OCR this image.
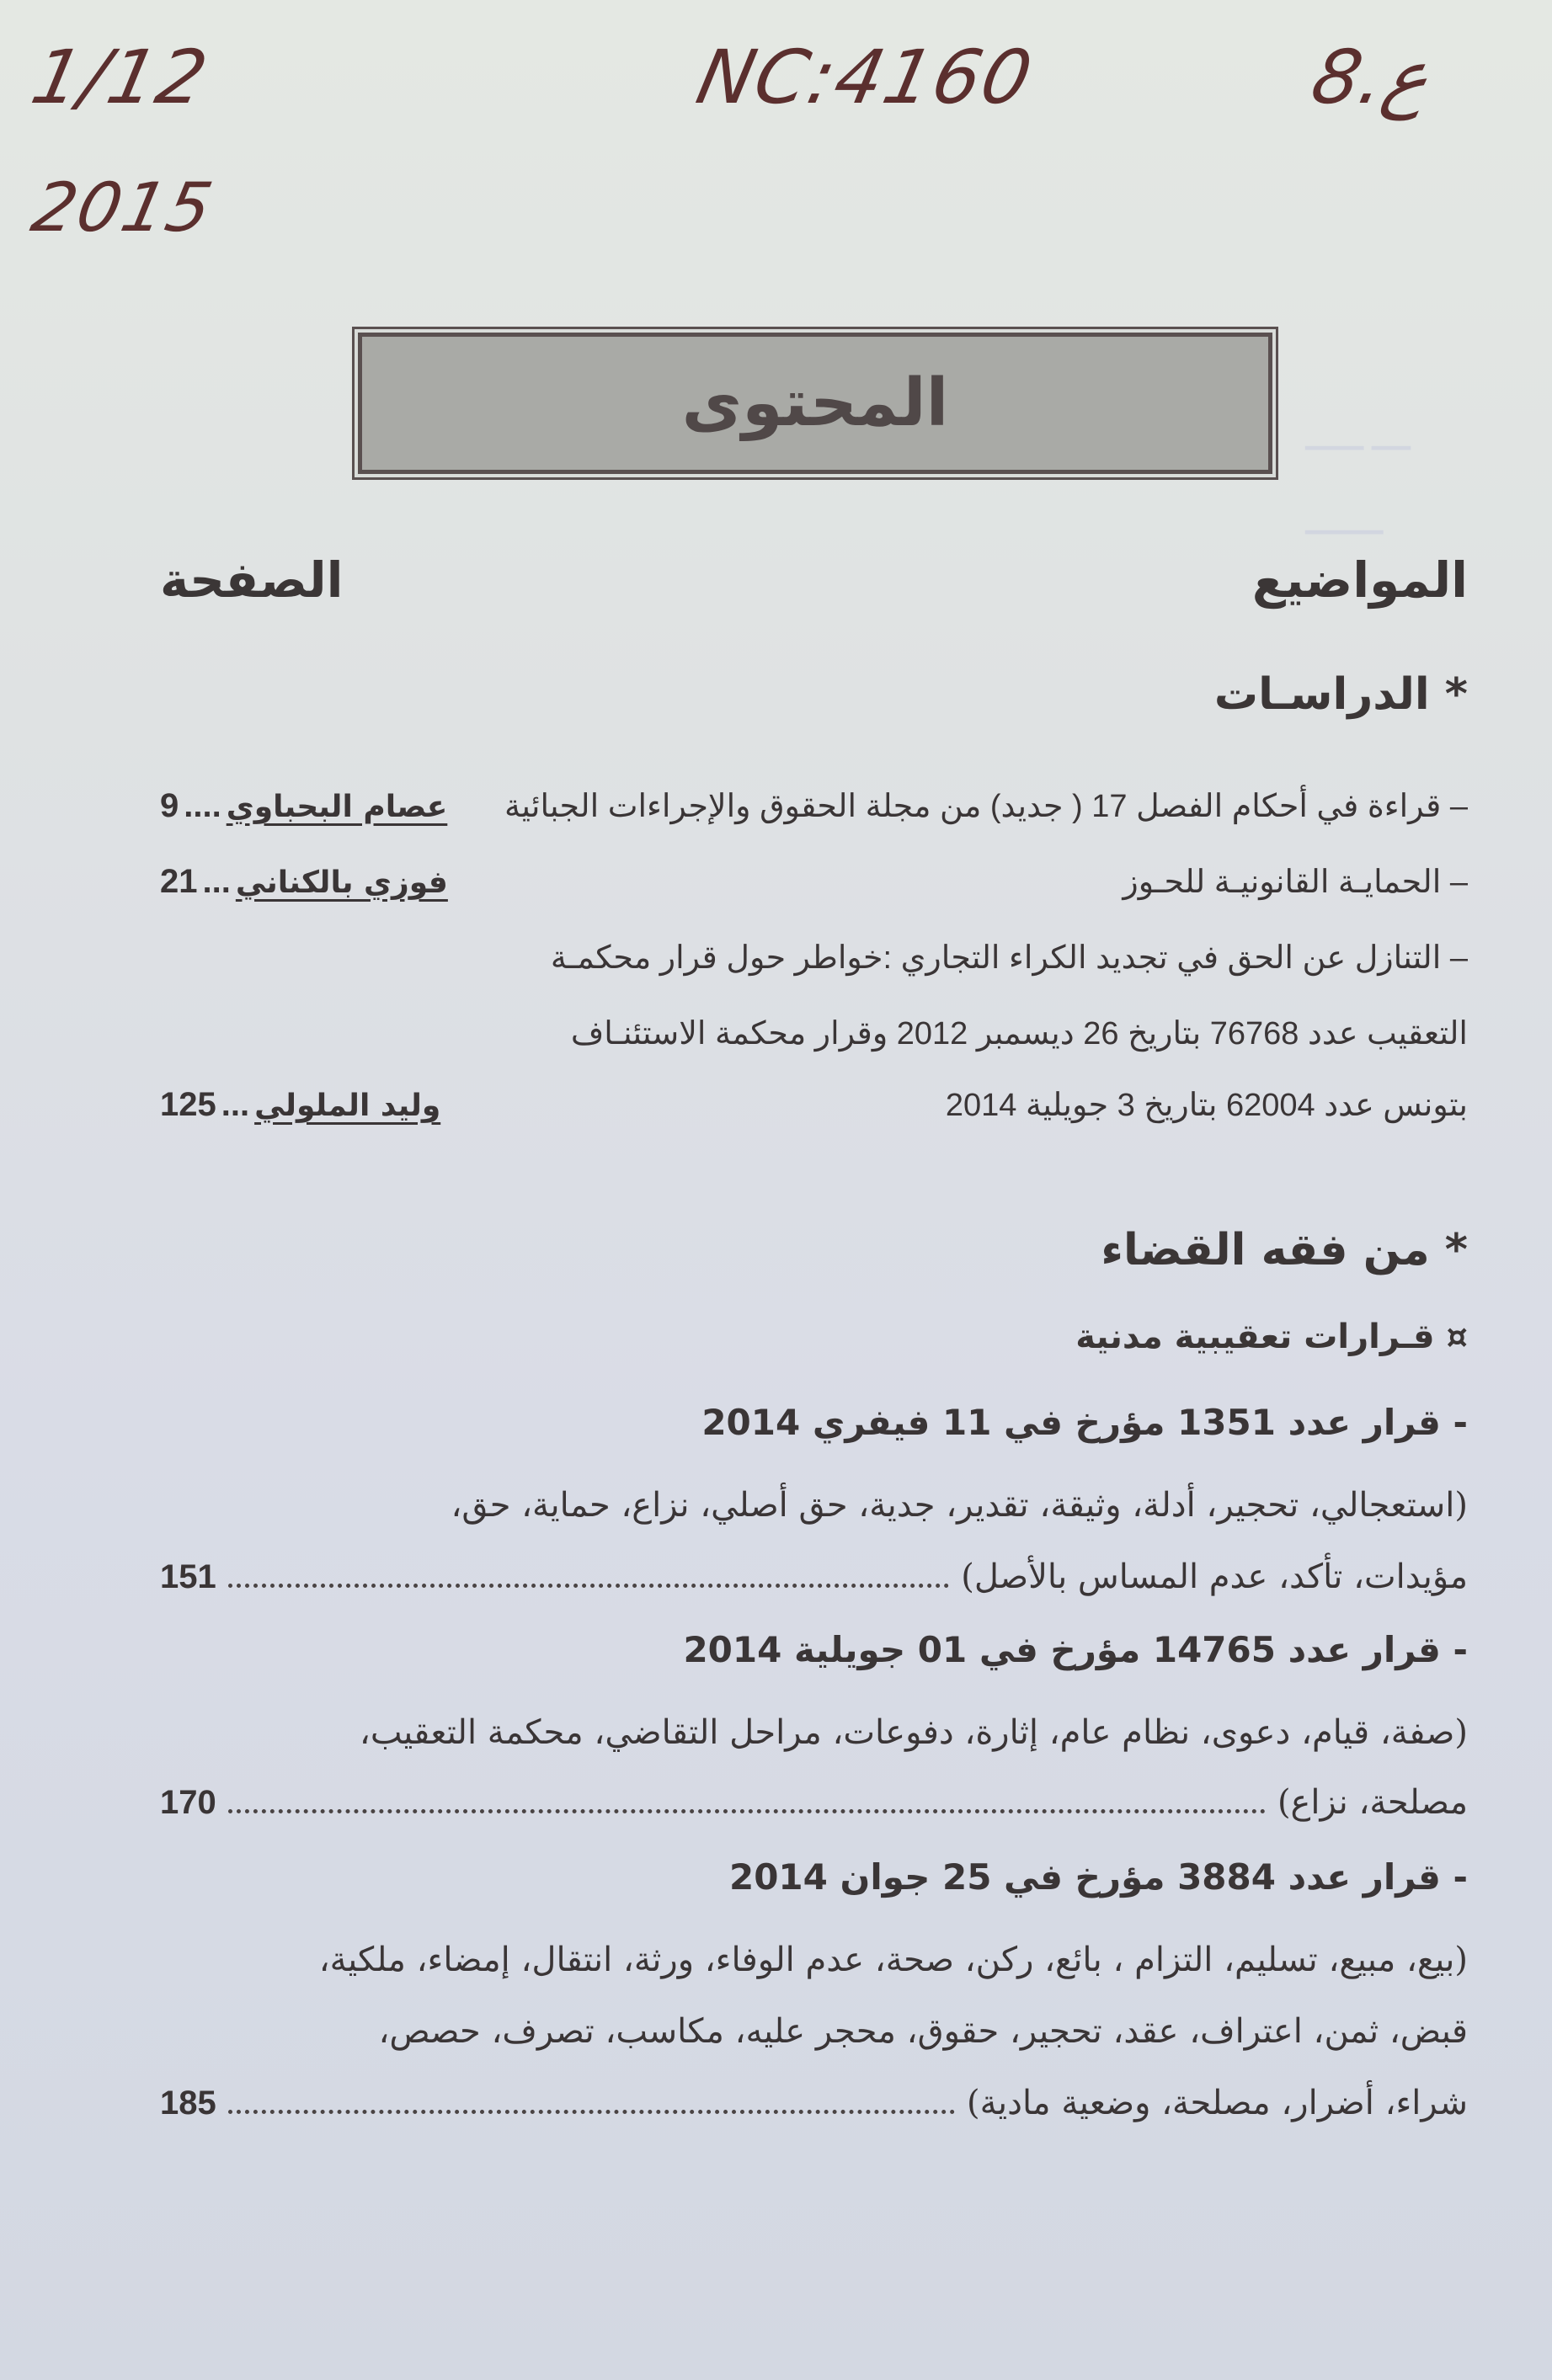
1/12
2015
NC:4160	8.ع
▁▁ ▁▁▁
▁▁▁▁
المحتوى
المواضيع
الصفحة
* الدراسـات
– قراءة في أحكام الفصل 17 ( جديد) من مجلة الحقوق والإجراءات الجبائية
9 .... عصام البحباوي
– الحمايـة القانونيـة للحـوز
21 ... فوزي بالكناني
– التنازل عن الحق في تجديد الكراء التجاري :خواطر حول قرار محكمـة
التعقيب عدد 76768 بتاريخ 26 ديسمبر 2012 وقرار محكمة الاستئنـاف
بتونس عدد 62004 بتاريخ 3 جويلية 2014
125 ... وليد الملولي
* من فقه القضاء
¤ قـرارات تعقيبية مدنية
- قرار عدد 1351 مؤرخ في 11 فيفري 2014
(استعجالي، تحجير، أدلة، وثيقة، تقدير، جدية، حق أصلي، نزاع، حماية، حق،
مؤيدات، تأكد، عدم المساس بالأصل)
151
- قرار عدد 14765 مؤرخ في 01 جويلية 2014
(صفة، قيام، دعوى، نظام عام، إثارة، دفوعات، مراحل التقاضي، محكمة التعقيب،
مصلحة، نزاع)
170
- قرار عدد 3884 مؤرخ في 25 جوان 2014
(بيع، مبيع، تسليم، التزام ، بائع، ركن، صحة، عدم الوفاء، ورثة، انتقال، إمضاء، ملكية،
قبض، ثمن، اعتراف، عقد، تحجير، حقوق، محجر عليه، مكاسب، تصرف، حصص،
شراء، أضرار، مصلحة، وضعية مادية)
185
